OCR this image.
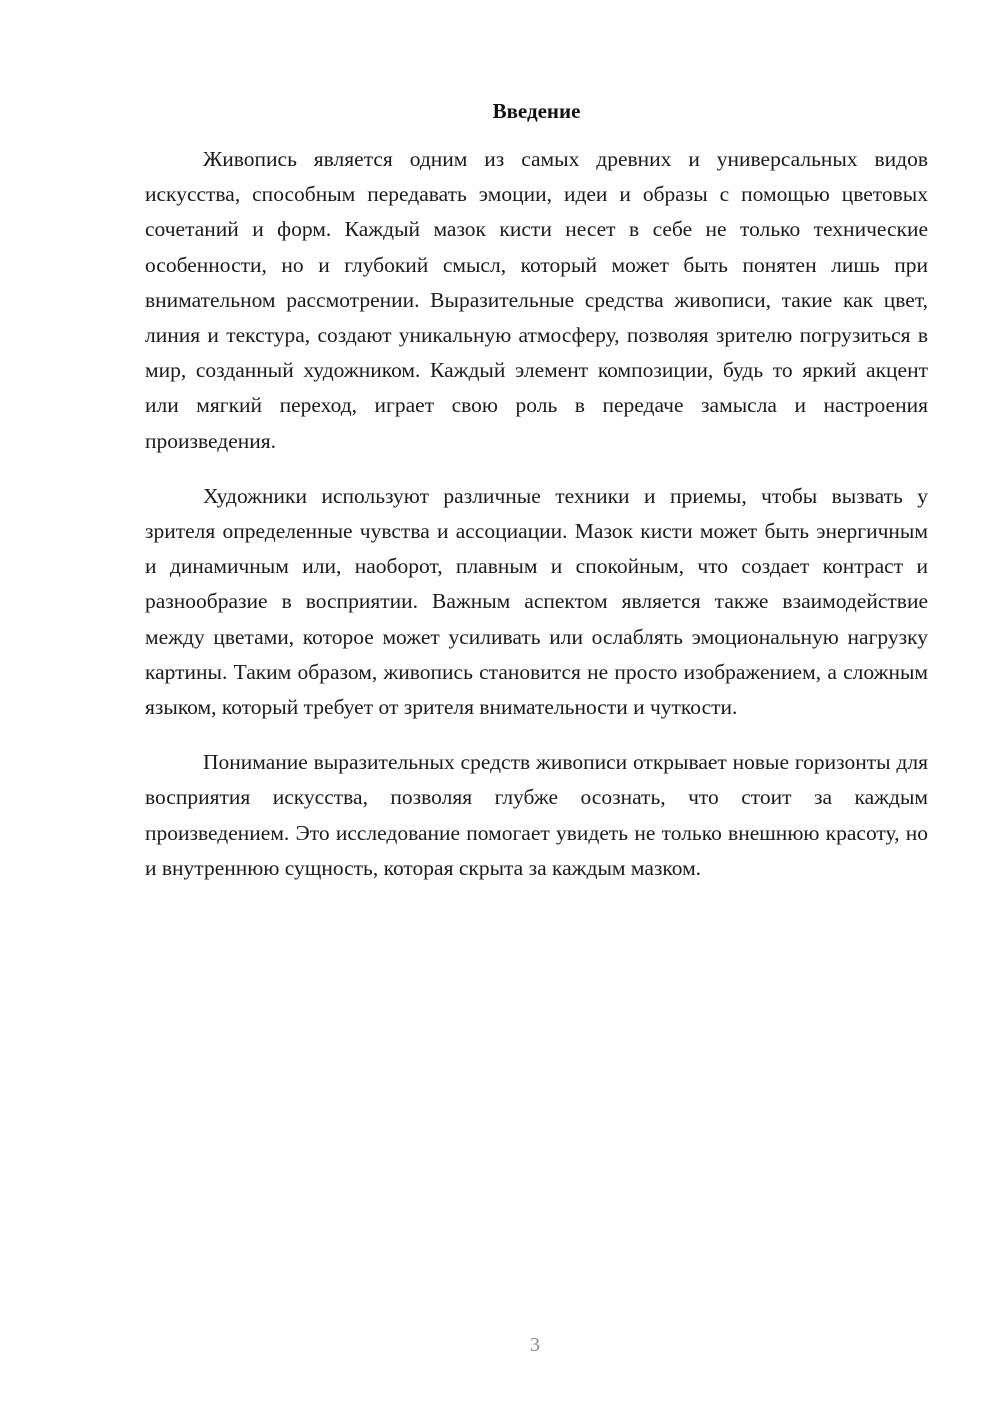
Введение

Живопись является одним из самых древних и универсальных видов искусства, способным передавать эмоции, идеи и образы с помощью цветовых сочетаний и форм. Каждый мазок кисти несет в себе не только технические особенности, но и глубокий смысл, который может быть понятен лишь при внимательном рассмотрении. Выразительные средства живописи, такие как цвет, линия и текстура, создают уникальную атмосферу, позволяя зрителю погрузиться в мир, созданный художником. Каждый элемент композиции, будь то яркий акцент или мягкий переход, играет свою роль в передаче замысла и настроения произведения.

Художники используют различные техники и приемы, чтобы вызвать у зрителя определенные чувства и ассоциации. Мазок кисти может быть энергичным и динамичным или, наоборот, плавным и спокойным, что создает контраст и разнообразие в восприятии. Важным аспектом является также взаимодействие между цветами, которое может усиливать или ослаблять эмоциональную нагрузку картины. Таким образом, живопись становится не просто изображением, а сложным языком, который требует от зрителя внимательности и чуткости.

Понимание выразительных средств живописи открывает новые горизонты для восприятия искусства, позволяя глубже осознать, что стоит за каждым произведением. Это исследование помогает увидеть не только внешнюю красоту, но и внутреннюю сущность, которая скрыта за каждым мазком.

3
